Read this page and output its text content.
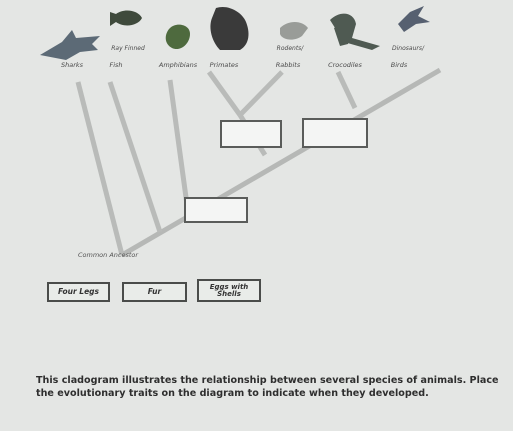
Ray Finned
Sharks	Fish	Amphibians Primates
Rodents/
Rabbits	Crocodiles
Dinosaurs/
Birds
Common Ancestor
Four Legs	Fur
Eggs with Shells
This cladogram illustrates the relationship between several species of animals. Place the evolutionary traits on the diagram to indicate when they developed.
